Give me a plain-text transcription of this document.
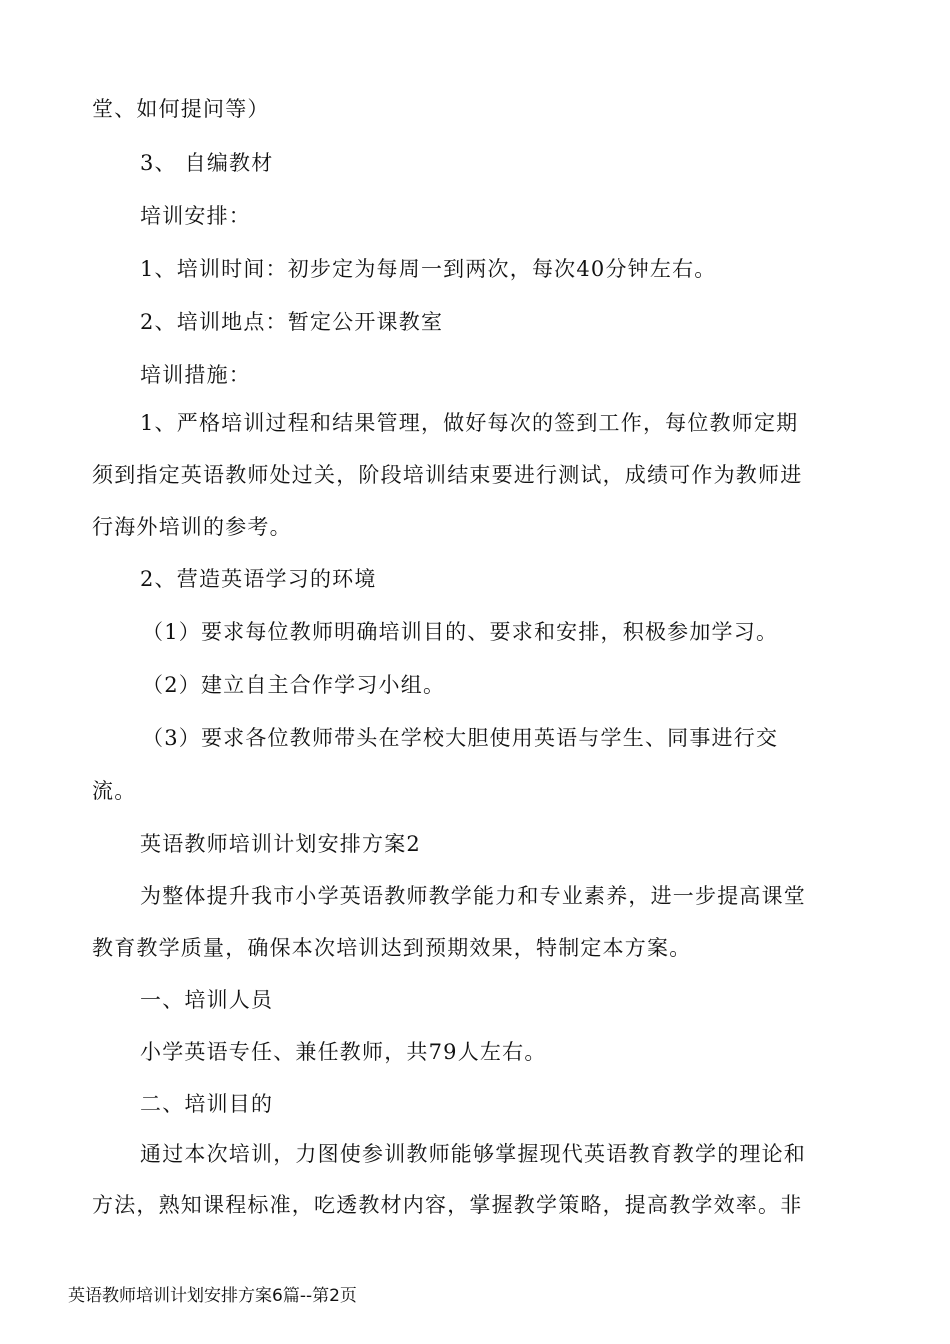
堂、如何提问等）
3、 自编教材
培训安排：
1、培训时间：初步定为每周一到两次，每次40分钟左右。
2、培训地点：暂定公开课教室
培训措施：
1、严格培训过程和结果管理，做好每次的签到工作，每位教师定期
须到指定英语教师处过关，阶段培训结束要进行测试，成绩可作为教师进
行海外培训的参考。
2、营造英语学习的环境
（1）要求每位教师明确培训目的、要求和安排，积极参加学习。
（2）建立自主合作学习小组。
（3）要求各位教师带头在学校大胆使用英语与学生、同事进行交
流。
英语教师培训计划安排方案2
为整体提升我市小学英语教师教学能力和专业素养，进一步提高课堂
教育教学质量，确保本次培训达到预期效果，特制定本方案。
一、培训人员
小学英语专任、兼任教师，共79人左右。
二、培训目的
通过本次培训，力图使参训教师能够掌握现代英语教育教学的理论和
方法，熟知课程标准，吃透教材内容，掌握教学策略，提高教学效率。非
英语教师培训计划安排方案6篇--第2页
